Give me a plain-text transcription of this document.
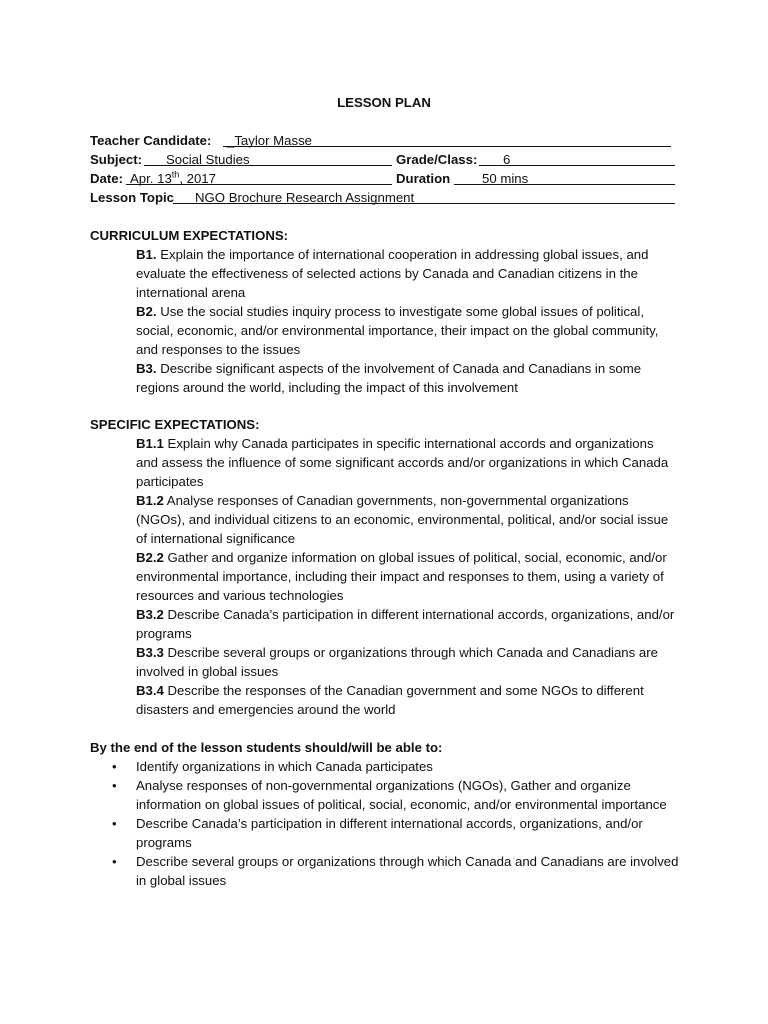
LESSON PLAN
Teacher Candidate:	_Taylor Masse
Subject:	Social Studies	Grade/Class:	6
Date: Apr. 13th, 2017	Duration	50 mins
Lesson Topic	NGO Brochure Research Assignment
CURRICULUM EXPECTATIONS:

B1. Explain the importance of international cooperation in addressing global issues, and evaluate the effectiveness of selected actions by Canada and Canadian citizens in the international arena

B2. Use the social studies inquiry process to investigate some global issues of political, social, economic, and/or environmental importance, their impact on the global community, and responses to the issues

B3. Describe significant aspects of the involvement of Canada and Canadians in some regions around the world, including the impact of this involvement

SPECIFIC EXPECTATIONS:

B1.1 Explain why Canada participates in specific international accords and organizations and assess the influence of some significant accords and/or organizations in which Canada participates

B1.2 Analyse responses of Canadian governments, non-governmental organizations (NGOs), and individual citizens to an economic, environmental, political, and/or social issue of international significance

B2.2 Gather and organize information on global issues of political, social, economic, and/or environmental importance, including their impact and responses to them, using a variety of resources and various technologies

B3.2 Describe Canada’s participation in different international accords, organizations, and/or programs

B3.3 Describe several groups or organizations through which Canada and Canadians are involved in global issues

B3.4 Describe the responses of the Canadian government and some NGOs to different disasters and emergencies around the world

By the end of the lesson students should/will be able to:
• Identify organizations in which Canada participates
• Analyse responses of non-governmental organizations (NGOs), Gather and organize information on global issues of political, social, economic, and/or environmental importance
• Describe Canada’s participation in different international accords, organizations, and/or programs
• Describe several groups or organizations through which Canada and Canadians are involved in global issues
